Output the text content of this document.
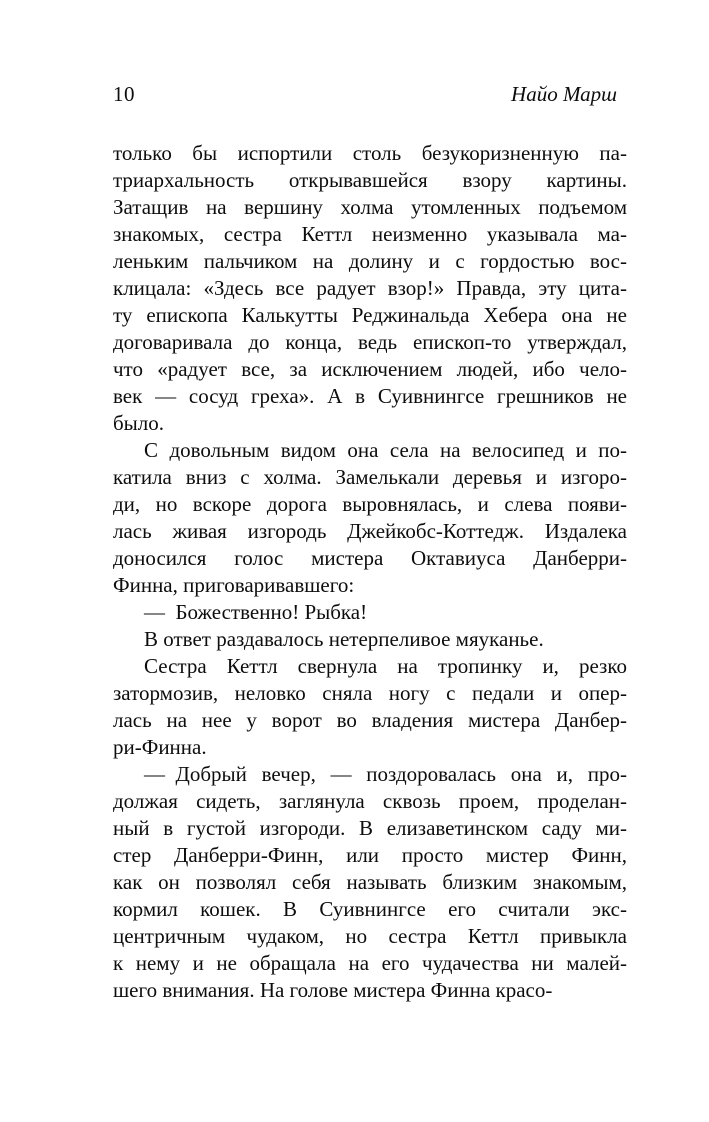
10	Найо Марш
только бы испортили столь безукоризненную па-
триархальность открывавшейся взору картины.
Затащив на вершину холма утомленных подъемом
знакомых, сестра Кеттл неизменно указывала ма-
леньким пальчиком на долину и с гордостью вос-
клицала: «Здесь все радует взор!» Правда, эту цита-
ту епископа Калькутты Реджинальда Хебера она не
договаривала до конца, ведь епископ-то утверждал,
что «радует все, за исключением людей, ибо чело-
век — сосуд греха». А в Суивнингсе грешников не
было.
С довольным видом она села на велосипед и по-
катила вниз с холма. Замелькали деревья и изгоро-
ди, но вскоре дорога выровнялась, и слева появи-
лась живая изгородь Джейкобс-Коттедж. Издалека
доносился голос мистера Октавиуса Данберри-
Финна, приговаривавшего:
— Божественно! Рыбка!
В ответ раздавалось нетерпеливое мяуканье.
Сестра Кеттл свернула на тропинку и, резко
затормозив, неловко сняла ногу с педали и опер-
лась на нее у ворот во владения мистера Данбер-
ри-Финна.
— Добрый вечер, — поздоровалась она и, про-
должая сидеть, заглянула сквозь проем, проделан-
ный в густой изгороди. В елизаветинском саду ми-
стер Данберри-Финн, или просто мистер Финн,
как он позволял себя называть близким знакомым,
кормил кошек. В Суивнингсе его считали экс-
центричным чудаком, но сестра Кеттл привыкла
к нему и не обращала на его чудачества ни малей-
шего внимания. На голове мистера Финна красо-
